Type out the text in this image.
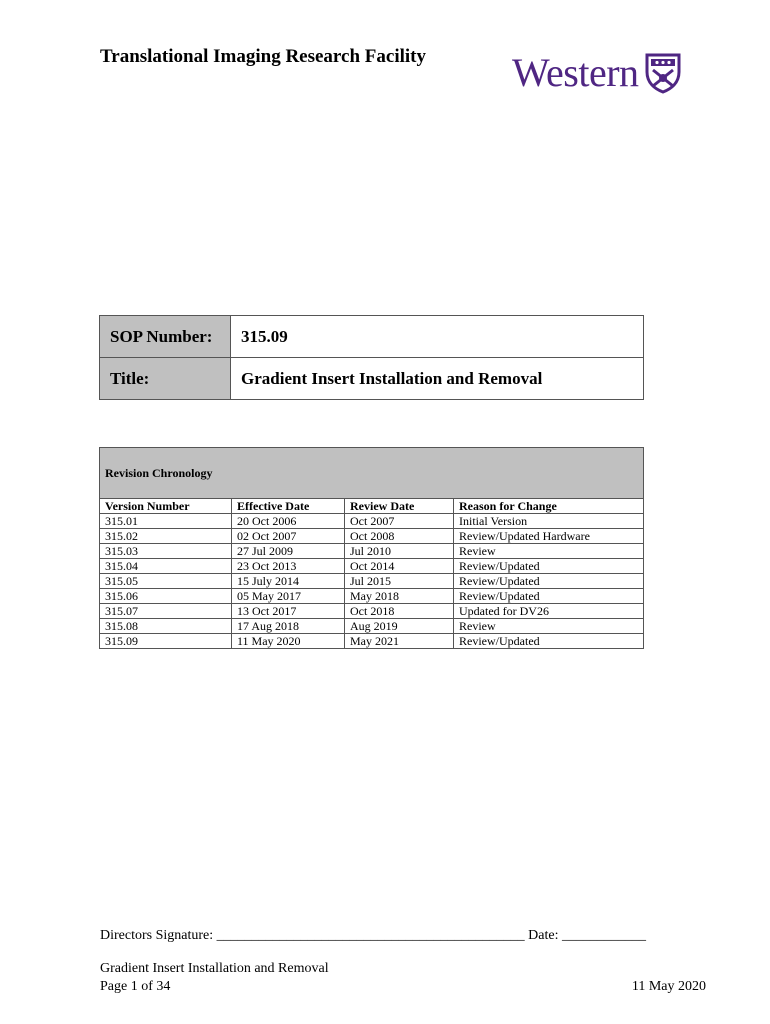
Translational Imaging Research Facility Western
SOP Number:	315.09
Title:	Gradient Insert Installation and Removal
Revision Chronology			
Version Number	Effective Date	Review Date	Reason for Change
315.01	20 Oct 2006	Oct 2007	Initial Version
315.02	02 Oct 2007	Oct 2008	Review/Updated Hardware
315.03	27 Jul 2009	Jul 2010	Review
315.04	23 Oct 2013	Oct 2014	Review/Updated
315.05	15 July 2014	Jul 2015	Review/Updated
315.06	05 May 2017	May 2018	Review/Updated
315.07	13 Oct 2017	Oct 2018	Updated for DV26
315.08	17 Aug 2018	Aug 2019	Review
315.09	11 May 2020	May 2021	Review/Updated
Directors Signature: ____________________________________________ Date: ____________
Gradient Insert Installation and Removal
Page 1 of 34	11 May 2020
